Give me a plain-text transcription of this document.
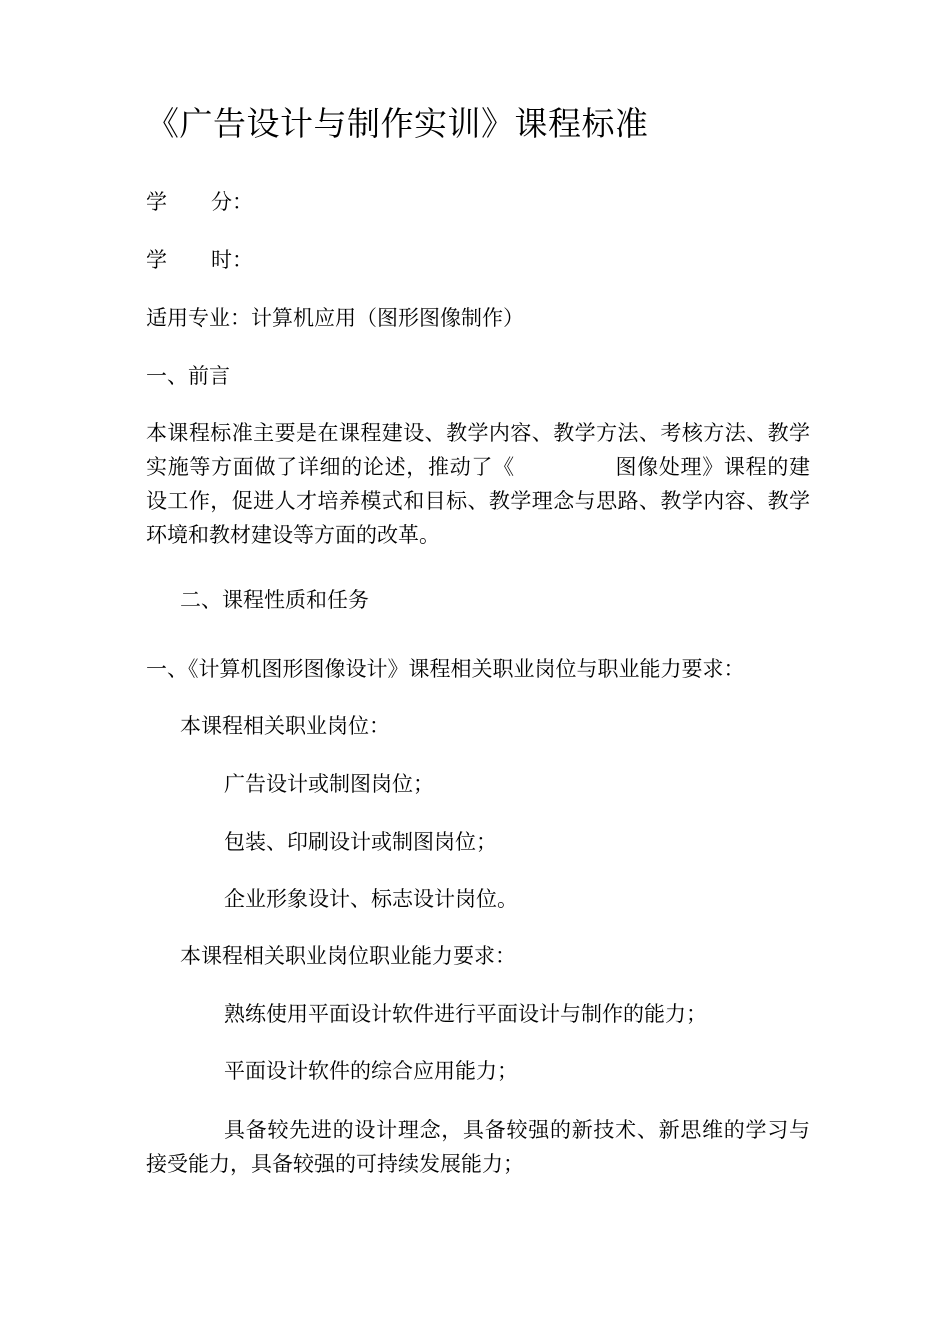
《广告设计与制作实训》课程标准
学 分：
学 时：
适用专业：计算机应用（图形图像制作）
一、前言
本课程标准主要是在课程建设、教学内容、教学方法、考核方法、教学实施等方面做了详细的论述，推动了《	图像处理》课程的建设工作，促进人才培养模式和目标、教学理念与思路、教学内容、教学环境和教材建设等方面的改革。
二、课程性质和任务
一、《计算机图形图像设计》课程相关职业岗位与职业能力要求：
本课程相关职业岗位：
广告设计或制图岗位；
包装、印刷设计或制图岗位；
企业形象设计、标志设计岗位。
本课程相关职业岗位职业能力要求：
熟练使用平面设计软件进行平面设计与制作的能力；
平面设计软件的综合应用能力；
具备较先进的设计理念，具备较强的新技术、新思维的学习与接受能力，具备较强的可持续发展能力；
